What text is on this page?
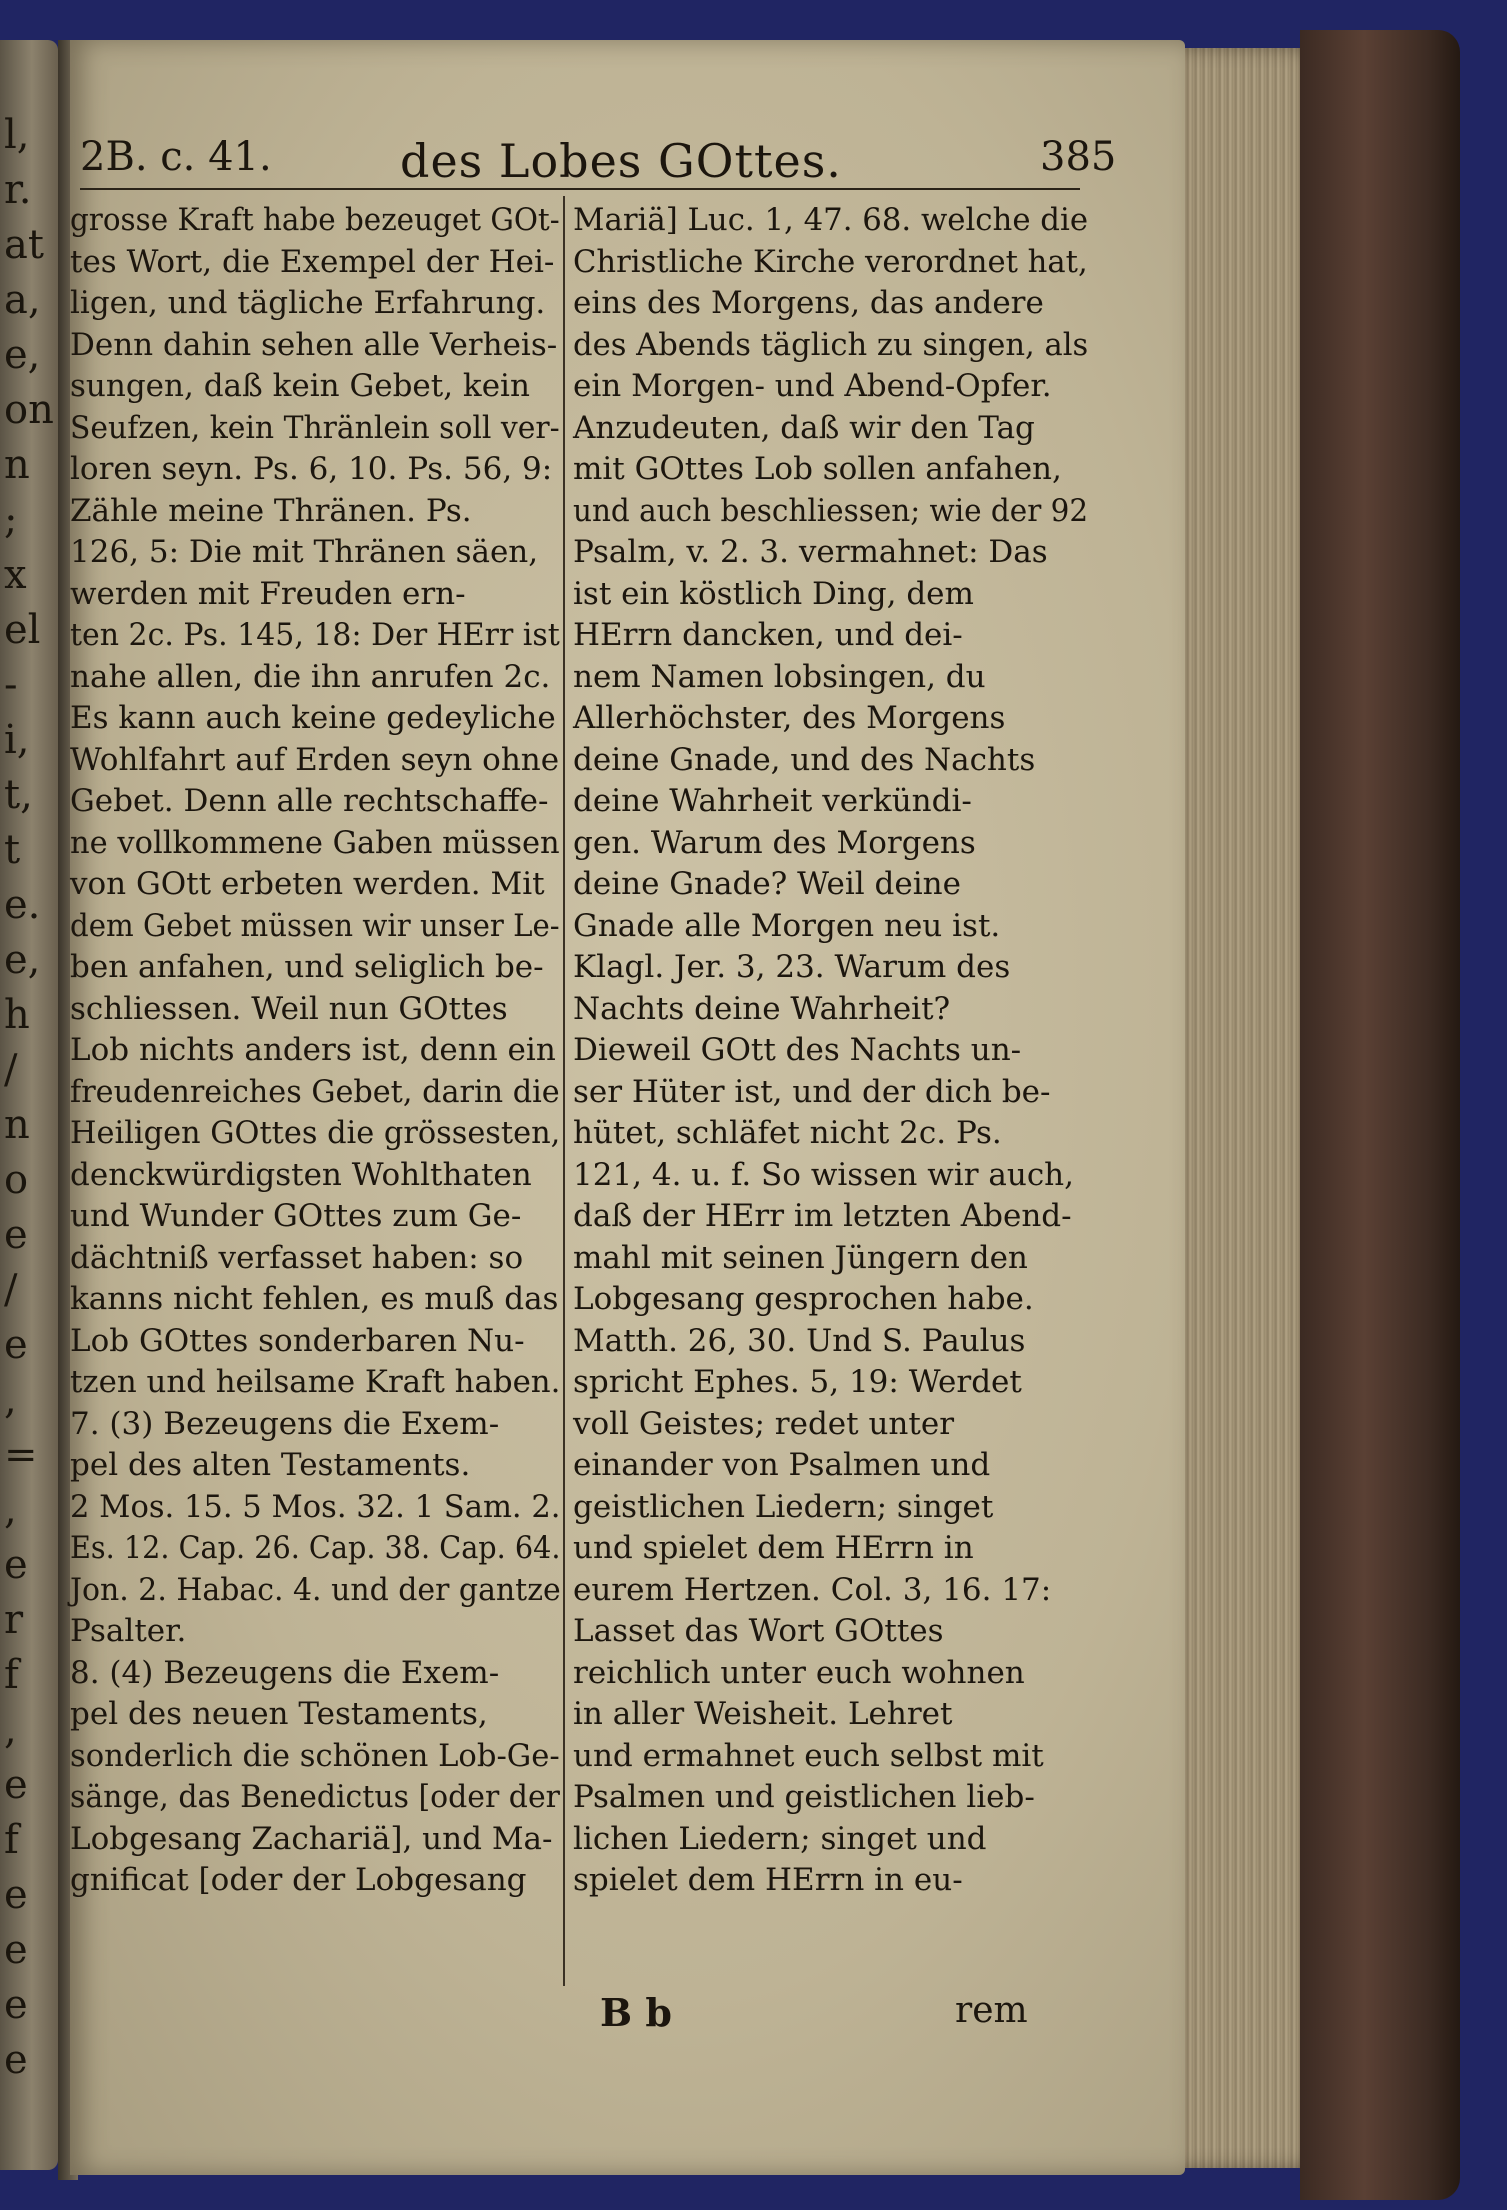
l,
r.
at
a,
e,
on
n
;
x
el
-
i,
t,
t
e.
e,
h
/
n
o
e
/
e
,
=
,
e
r
f
,
e
f
e
e
e
e
2B. c. 41.	des Lobes GOttes.	385
grosse Kraft habe bezeuget GOt-
tes Wort, die Exempel der Hei-
ligen, und tägliche Erfahrung.
Denn dahin sehen alle Verheis-
sungen, daß kein Gebet, kein
Seufzen, kein Thränlein soll ver-
loren seyn. Ps. 6, 10. Ps. 56, 9:
Zähle meine Thränen. Ps.
126, 5: Die mit Thränen säen,
werden mit Freuden ern-
ten 2c. Ps. 145, 18: Der HErr ist
nahe allen, die ihn anrufen 2c.
Es kann auch keine gedeyliche
Wohlfahrt auf Erden seyn ohne
Gebet. Denn alle rechtschaffe-
ne vollkommene Gaben müssen
von GOtt erbeten werden. Mit
dem Gebet müssen wir unser Le-
ben anfahen, und seliglich be-
schliessen. Weil nun GOttes
Lob nichts anders ist, denn ein
freudenreiches Gebet, darin die
Heiligen GOttes die grössesten,
denckwürdigsten Wohlthaten
und Wunder GOttes zum Ge-
dächtniß verfasset haben: so
kanns nicht fehlen, es muß das
Lob GOttes sonderbaren Nu-
tzen und heilsame Kraft haben.
7. (3) Bezeugens die Exem-
pel des alten Testaments.
2 Mos. 15. 5 Mos. 32. 1 Sam. 2.
Es. 12. Cap. 26. Cap. 38. Cap. 64.
Jon. 2. Habac. 4. und der gantze
Psalter.
8. (4) Bezeugens die Exem-
pel des neuen Testaments,
sonderlich die schönen Lob-Ge-
sänge, das Benedictus [oder der
Lobgesang Zachariä], und Ma-
gnificat [oder der Lobgesang
Mariä] Luc. 1, 47. 68. welche die
Christliche Kirche verordnet hat,
eins des Morgens, das andere
des Abends täglich zu singen, als
ein Morgen- und Abend-Opfer.
Anzudeuten, daß wir den Tag
mit GOttes Lob sollen anfahen,
und auch beschliessen; wie der 92
Psalm, v. 2. 3. vermahnet: Das
ist ein köstlich Ding, dem
HErrn dancken, und dei-
nem Namen lobsingen, du
Allerhöchster, des Morgens
deine Gnade, und des Nachts
deine Wahrheit verkündi-
gen. Warum des Morgens
deine Gnade? Weil deine
Gnade alle Morgen neu ist.
Klagl. Jer. 3, 23. Warum des
Nachts deine Wahrheit?
Dieweil GOtt des Nachts un-
ser Hüter ist, und der dich be-
hütet, schläfet nicht 2c. Ps.
121, 4. u. f. So wissen wir auch,
daß der HErr im letzten Abend-
mahl mit seinen Jüngern den
Lobgesang gesprochen habe.
Matth. 26, 30. Und S. Paulus
spricht Ephes. 5, 19: Werdet
voll Geistes; redet unter
einander von Psalmen und
geistlichen Liedern; singet
und spielet dem HErrn in
eurem Hertzen. Col. 3, 16. 17:
Lasset das Wort GOttes
reichlich unter euch wohnen
in aller Weisheit. Lehret
und ermahnet euch selbst mit
Psalmen und geistlichen lieb-
lichen Liedern; singet und
spielet dem HErrn in eu-
B b	rem
